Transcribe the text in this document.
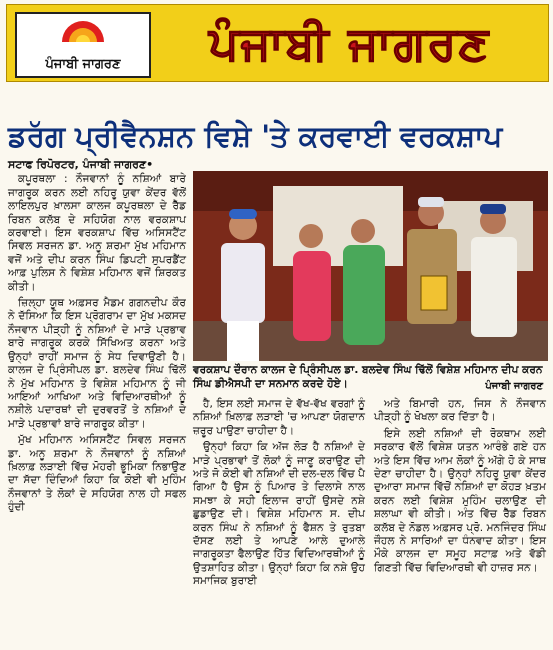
ਪੰਜਾਬੀ ਜਾਗਰਣ	ਪੰਜਾਬੀ ਜਾਗਰਣ
ਡਰੱਗ ਪ੍ਰੀਵੈਨਸ਼ਨ ਵਿਸ਼ੇ 'ਤੇ ਕਰਵਾਈ ਵਰਕਸ਼ਾਪ
ਸਟਾਫ ਰਿਪੋਰਟਰ, ਪੰਜਾਬੀ ਜਾਗਰਣ•

ਕਪੂਰਥਲਾ : ਨੌਜਵਾਨਾਂ ਨੂੰ ਨਸ਼ਿਆਂ ਬਾਰੇ ਜਾਗਰੂਕ ਕਰਨ ਲਈ ਨਹਿਰੂ ਯੁਵਾ ਕੇਂਦਰ ਵੱਲੋਂ ਲਾਇਲਪੁਰ ਖ਼ਾਲਸਾ ਕਾਲਜ ਕਪੂਰਥਲਾ ਦੇ ਰੈੱਡ ਰਿਬਨ ਕਲੱਬ ਦੇ ਸਹਿਯੋਗ ਨਾਲ ਵਰਕਸ਼ਾਪ ਕਰਵਾਈ। ਇਸ ਵਰਕਸ਼ਾਪ ਵਿੱਚ ਅਸਿਸਟੈਂਟ ਸਿਵਲ ਸਰਜਨ ਡਾ. ਅਨੂ ਸ਼ਰਮਾ ਮੁੱਖ ਮਹਿਮਾਨ ਵਜੋਂ ਅਤੇ ਦੀਪ ਕਰਨ ਸਿੰਘ ਡਿਪਟੀ ਸੁਪਰਡੈਂਟ ਆਫ਼ ਪੁਲਿਸ ਨੇ ਵਿਸ਼ੇਸ਼ ਮਹਿਮਾਨ ਵਜੋਂ ਸ਼ਿਰਕਤ ਕੀਤੀ।

ਜ਼ਿਲ੍ਹਾ ਯੂਥ ਅਫ਼ਸਰ ਮੈਡਮ ਗਗਨਦੀਪ ਕੌਰ ਨੇ ਦੱਸਿਆ ਕਿ ਇਸ ਪ੍ਰੋਗਰਾਮ ਦਾ ਮੁੱਖ ਮਕਸਦ ਨੌਜਵਾਨ ਪੀੜ੍ਹੀ ਨੂੰ ਨਸ਼ਿਆਂ ਦੇ ਮਾੜੇ ਪ੍ਰਭਾਵ ਬਾਰੇ ਜਾਗਰੂਕ ਕਰਕੇ ਸਿੱਖਿਅਤ ਕਰਨਾ ਅਤੇ ਉਨ੍ਹਾਂ ਰਾਹੀਂ ਸਮਾਜ ਨੂੰ ਸੇਧ ਦਿਵਾਉਣੀ ਹੈ। ਕਾਲਜ ਦੇ ਪ੍ਰਿੰਸੀਪਲ ਡਾ. ਬਲਦੇਵ ਸਿੰਘ ਢਿੱਲੋਂ ਨੇ ਮੁੱਖ ਮਹਿਮਾਨ ਤੇ ਵਿਸ਼ੇਸ਼ ਮਹਿਮਾਨ ਨੂੰ ਜੀ ਆਇਆਂ ਆਖਿਆ ਅਤੇ ਵਿਦਿਆਰਥੀਆਂ ਨੂੰ ਨਸ਼ੀਲੇ ਪਦਾਰਥਾਂ ਦੀ ਦੁਰਵਰਤੋਂ ਤੇ ਨਸ਼ਿਆਂ ਦੇ ਮਾੜੇ ਪ੍ਰਭਾਵਾਂ ਬਾਰੇ ਜਾਗਰੂਕ ਕੀਤਾ।

ਮੁੱਖ ਮਹਿਮਾਨ ਅਸਿਸਟੈਂਟ ਸਿਵਲ ਸਰਜਨ ਡਾ. ਅਨੂ ਸ਼ਰਮਾ ਨੇ ਨੌਜਵਾਨਾਂ ਨੂੰ ਨਸ਼ਿਆਂ ਖ਼ਿਲਾਫ਼ ਲੜਾਈ ਵਿੱਚ ਮੋਹਰੀ ਭੂਮਿਕਾ ਨਿਭਾਉਣ ਦਾ ਸੱਦਾ ਦਿੰਦਿਆਂ ਕਿਹਾ ਕਿ ਕੋਈ ਵੀ ਮੁਹਿੰਮ ਨੌਜਵਾਨਾਂ ਤੇ ਲੋਕਾਂ ਦੇ ਸਹਿਯੋਗ ਨਾਲ ਹੀ ਸਫਲ ਹੁੰਦੀ

ਵਰਕਸ਼ਾਪ ਦੌਰਾਨ ਕਾਲਜ ਦੇ ਪ੍ਰਿੰਸੀਪਲ ਡਾ. ਬਲਦੇਵ ਸਿੰਘ ਢਿੱਲੋਂ ਵਿਸ਼ੇਸ਼ ਮਹਿਮਾਨ ਦੀਪ ਕਰਨ ਸਿੰਘ ਡੀਐਸਪੀ ਦਾ ਸਨਮਾਨ ਕਰਦੇ ਹੋਏ।	ਪੰਜਾਬੀ ਜਾਗਰਣ

ਹੈ, ਇਸ ਲਈ ਸਮਾਜ ਦੇ ਵੱਖ-ਵੱਖ ਵਰਗਾਂ ਨੂੰ ਨਸ਼ਿਆਂ ਖ਼ਿਲਾਫ਼ ਲੜਾਈ 'ਚ ਆਪਣਾ ਯੋਗਦਾਨ ਜ਼ਰੂਰ ਪਾਉਣਾ ਚਾਹੀਦਾ ਹੈ।

ਉਨ੍ਹਾਂ ਕਿਹਾ ਕਿ ਅੱਜ ਲੋੜ ਹੈ ਨਸ਼ਿਆਂ ਦੇ ਮਾੜੇ ਪ੍ਰਭਾਵਾਂ ਤੋਂ ਲੋਕਾਂ ਨੂੰ ਜਾਣੂ ਕਰਾਉਣ ਦੀ ਅਤੇ ਜੋ ਕੋਈ ਵੀ ਨਸ਼ਿਆਂ ਦੀ ਦਲ-ਦਲ ਵਿੱਚ ਪੈ ਗਿਆ ਹੈ ਉਸ ਨੂੰ ਪਿਆਰ ਤੇ ਦਿਲਾਸੇ ਨਾਲ ਸਮਝਾ ਕੇ ਸਹੀ ਇਲਾਜ ਰਾਹੀਂ ਉਸਦੇ ਨਸ਼ੇ ਛੁਡਾਉਣ ਦੀ। ਵਿਸ਼ੇਸ਼ ਮਹਿਮਾਨ ਸ. ਦੀਪ ਕਰਨ ਸਿੰਘ ਨੇ ਨਸ਼ਿਆਂ ਨੂੰ ਫੈਸ਼ਨ ਤੇ ਰੁਤਬਾ ਦੱਸਣ ਲਈ ਤੇ ਆਪਣੇ ਆਲੇ ਦੁਆਲੇ ਜਾਗਰੂਕਤਾ ਫੈਲਾਉਣ ਹਿੱਤ ਵਿਦਿਆਰਥੀਆਂ ਨੂੰ ਉਤਸ਼ਾਹਿਤ ਕੀਤਾ। ਉਨ੍ਹਾਂ ਕਿਹਾ ਕਿ ਨਸ਼ੇ ਉਹ ਸਮਾਜਿਕ ਬੁਰਾਈ

ਅਤੇ ਬਿਮਾਰੀ ਹਨ, ਜਿਸ ਨੇ ਨੌਜਵਾਨ ਪੀੜ੍ਹੀ ਨੂੰ ਖੋਖਲਾ ਕਰ ਦਿੱਤਾ ਹੈ।

ਇਸੇ ਲਈ ਨਸ਼ਿਆਂ ਦੀ ਰੋਕਥਾਮ ਲਈ ਸਰਕਾਰ ਵੱਲੋਂ ਵਿਸ਼ੇਸ਼ ਯਤਨ ਆਰੰਭੇ ਗਏ ਹਨ ਅਤੇ ਇਸ ਵਿੱਚ ਆਮ ਲੋਕਾਂ ਨੂੰ ਅੱਗੇ ਹੋ ਕੇ ਸਾਥ ਦੇਣਾ ਚਾਹੀਦਾ ਹੈ। ਉਨ੍ਹਾਂ ਨਹਿਰੂ ਯੁਵਾ ਕੇਂਦਰ ਦੁਆਰਾ ਸਮਾਜ ਵਿੱਚੋਂ ਨਸ਼ਿਆਂ ਦਾ ਕੋਹੜ ਖ਼ਤਮ ਕਰਨ ਲਈ ਵਿਸ਼ੇਸ਼ ਮੁਹਿੰਮ ਚਲਾਉਣ ਦੀ ਸ਼ਲਾਘਾ ਵੀ ਕੀਤੀ। ਅੰਤ ਵਿੱਚ ਰੈੱਡ ਰਿਬਨ ਕਲੱਬ ਦੇ ਨੋਡਲ ਅਫ਼ਸਰ ਪ੍ਰੋ. ਮਨਜਿੰਦਰ ਸਿੰਘ ਜੌਹਲ ਨੇ ਸਾਰਿਆਂ ਦਾ ਧੰਨਵਾਦ ਕੀਤਾ। ਇਸ ਮੌਕੇ ਕਾਲਜ ਦਾ ਸਮੂਹ ਸਟਾਫ਼ ਅਤੇ ਵੱਡੀ ਗਿਣਤੀ ਵਿੱਚ ਵਿਦਿਆਰਥੀ ਵੀ ਹਾਜ਼ਰ ਸਨ।
